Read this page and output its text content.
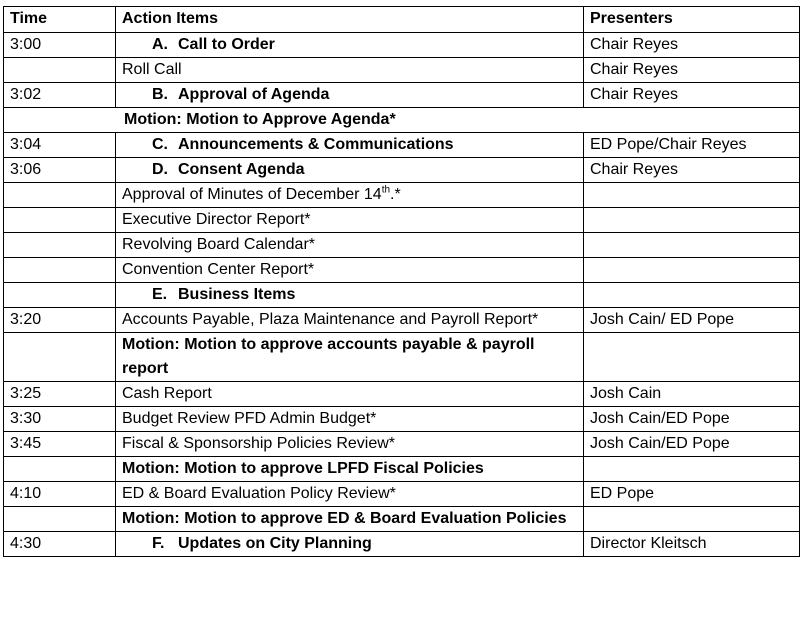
Time	Action Items	Presenters
3:00	A. Call to Order	Chair Reyes
	Roll Call	Chair Reyes
3:02	B. Approval of Agenda	Chair Reyes
Motion: Motion to Approve Agenda*		
3:04	C. Announcements & Communications	ED Pope/Chair Reyes
3:06	D. Consent Agenda	Chair Reyes
	Approval of Minutes of December 14th.*	
	Executive Director Report*	
	Revolving Board Calendar*	
	Convention Center Report*	
	E. Business Items	
3:20	Accounts Payable, Plaza Maintenance and Payroll Report*	Josh Cain/ ED Pope
	Motion: Motion to approve accounts payable & payroll report	
3:25	Cash Report	Josh Cain
3:30	Budget Review PFD Admin Budget*	Josh Cain/ED Pope
3:45	Fiscal & Sponsorship Policies Review*	Josh Cain/ED Pope
	Motion: Motion to approve LPFD Fiscal Policies	
4:10	ED & Board Evaluation Policy Review*	ED Pope
	Motion: Motion to approve ED & Board Evaluation Policies	
4:30	F. Updates on City Planning	Director Kleitsch
